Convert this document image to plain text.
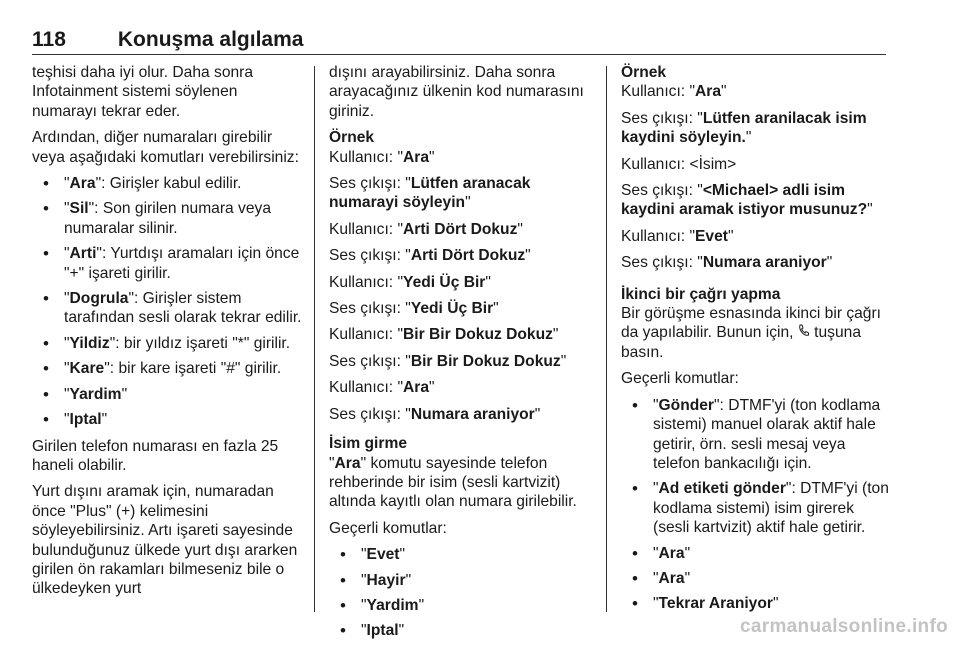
118 Konuşma algılama

teşhisi daha iyi olur. Daha sonra Infotainment sistemi söylenen numarayı tekrar eder.

Ardından, diğer numaraları girebilir veya aşağıdaki komutları verebilirsiniz:

• "Ara": Girişler kabul edilir.
• "Sil": Son girilen numara veya numaralar silinir.
• "Arti": Yurtdışı aramaları için önce "+" işareti girilir.
• "Dogrula": Girişler sistem tarafından sesli olarak tekrar edilir.
• "Yildiz": bir yıldız işareti "*" girilir.
• "Kare": bir kare işareti "#" girilir.
• "Yardim"
• "Iptal"

Girilen telefon numarası en fazla 25 haneli olabilir.

Yurt dışını aramak için, numaradan önce "Plus" (+) kelimesini söyleyebilirsiniz. Artı işareti sayesinde bulunduğunuz ülkede yurt dışı ararken girilen ön rakamları bilmeseniz bile o ülkedeyken yurt

dışını arayabilirsiniz. Daha sonra arayacağınız ülkenin kod numarasını giriniz.

Örnek

Kullanıcı: "Ara"

Ses çıkışı: "Lütfen aranacak numarayi söyleyin"

Kullanıcı: "Arti Dört Dokuz"

Ses çıkışı: "Arti Dört Dokuz"

Kullanıcı: "Yedi Üç Bir"

Ses çıkışı: "Yedi Üç Bir"

Kullanıcı: "Bir Bir Dokuz Dokuz"

Ses çıkışı: "Bir Bir Dokuz Dokuz"

Kullanıcı: "Ara"

Ses çıkışı: "Numara araniyor"

İsim girme

"Ara" komutu sayesinde telefon rehberinde bir isim (sesli kartvizit) altında kayıtlı olan numara girilebilir.

Geçerli komutlar:

• "Evet"
• "Hayir"
• "Yardim"
• "Iptal"

Örnek

Kullanıcı: "Ara"

Ses çıkışı: "Lütfen aranilacak isim kaydini söyleyin."

Kullanıcı: <İsim>

Ses çıkışı: "<Michael> adli isim kaydini aramak istiyor musunuz?"

Kullanıcı: "Evet"

Ses çıkışı: "Numara araniyor"

İkinci bir çağrı yapma

Bir görüşme esnasında ikinci bir çağrı da yapılabilir. Bunun için,  tuşuna basın.

Geçerli komutlar:

• "Gönder": DTMF'yi (ton kodlama sistemi) manuel olarak aktif hale getirir, örn. sesli mesaj veya telefon bankacılığı için.
• "Ad etiketi gönder": DTMF'yi (ton kodlama sistemi) isim girerek (sesli kartvizit) aktif hale getirir.
• "Ara"
• "Ara"
• "Tekrar Araniyor"
carmanualsonline.info
